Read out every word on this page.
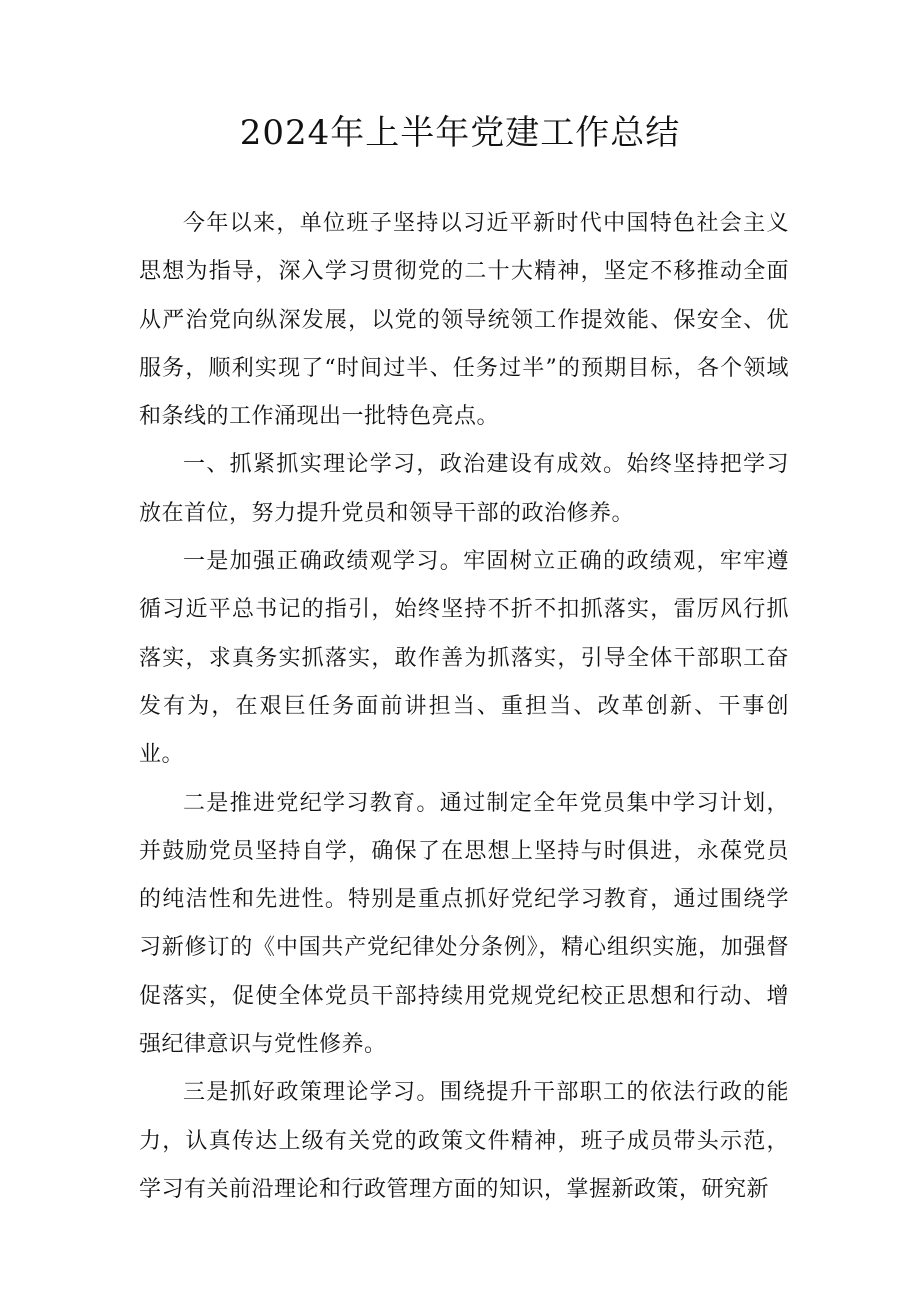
2024年上半年党建工作总结

今年以来，单位班子坚持以习近平新时代中国特色社会主义思想为指导，深入学习贯彻党的二十大精神，坚定不移推动全面从严治党向纵深发展，以党的领导统领工作提效能、保安全、优服务，顺利实现了“时间过半、任务过半”的预期目标，各个领域和条线的工作涌现出一批特色亮点。

一、抓紧抓实理论学习，政治建设有成效。始终坚持把学习放在首位，努力提升党员和领导干部的政治修养。

一是加强正确政绩观学习。牢固树立正确的政绩观，牢牢遵循习近平总书记的指引，始终坚持不折不扣抓落实，雷厉风行抓落实，求真务实抓落实，敢作善为抓落实，引导全体干部职工奋发有为，在艰巨任务面前讲担当、重担当、改革创新、干事创业。

二是推进党纪学习教育。通过制定全年党员集中学习计划，并鼓励党员坚持自学，确保了在思想上坚持与时俱进，永葆党员的纯洁性和先进性。特别是重点抓好党纪学习教育，通过围绕学习新修订的《中国共产党纪律处分条例》，精心组织实施，加强督促落实，促使全体党员干部持续用党规党纪校正思想和行动、增强纪律意识与党性修养。

三是抓好政策理论学习。围绕提升干部职工的依法行政的能力，认真传达上级有关党的政策文件精神，班子成员带头示范，学习有关前沿理论和行政管理方面的知识，掌握新政策，研究新
